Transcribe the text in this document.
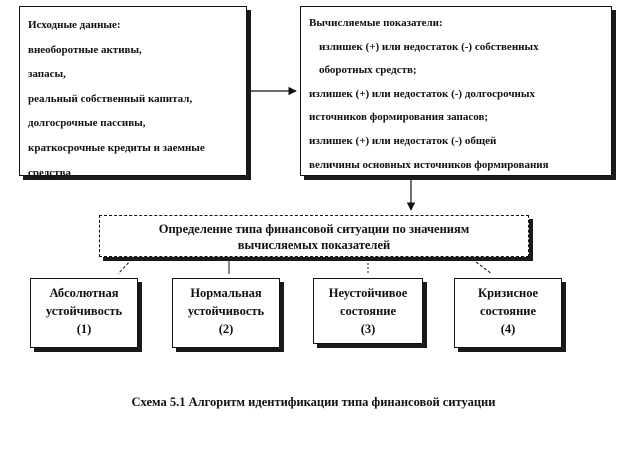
Исходные данные:
внеоборотные активы,
запасы,
реальный собственный капитал,
долгосрочные пассивы,
краткосрочные кредиты и заемные
средства
Вычисляемые показатели:
излишек (+) или недостаток (-) собственных
оборотных средств;
излишек (+) или недостаток (-) долгосрочных
источников формирования запасов;
излишек (+) или недостаток (-) общей
величины основных источников формирования
Определение типа финансовой ситуации по значениям
вычисляемых показателей
Абсолютная
устойчивость
(1)
Нормальная
устойчивость
(2)
Неустойчивое
состояние
(3)
Кризисное
состояние
(4)
Схема 5.1 Алгоритм идентификации типа финансовой ситуации
